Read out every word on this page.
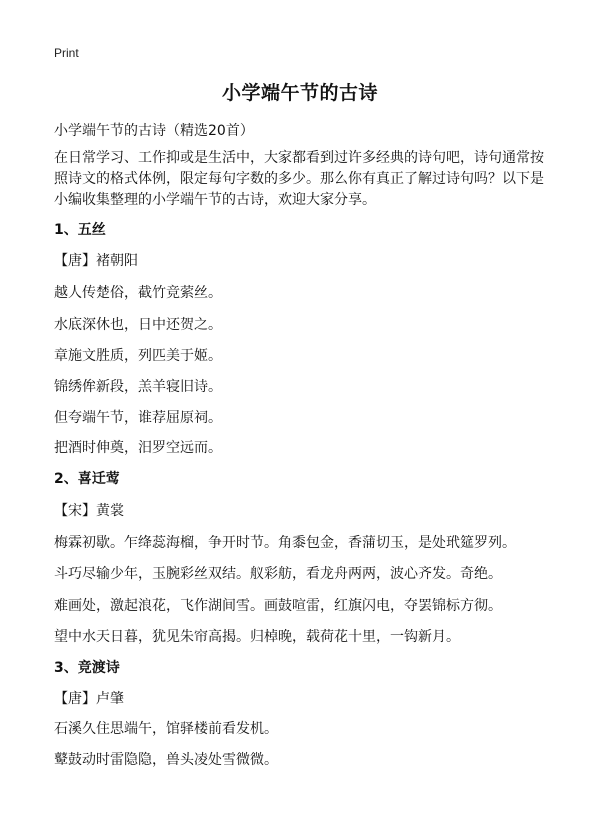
Print
小学端午节的古诗
小学端午节的古诗（精选20首）
在日常学习、工作抑或是生活中，大家都看到过许多经典的诗句吧，诗句通常按照诗文的格式体例，限定每句字数的多少。那么你有真正了解过诗句吗？以下是小编收集整理的小学端午节的古诗，欢迎大家分享。
1、五丝
【唐】褚朝阳
越人传楚俗，截竹竞萦丝。
水底深休也，日中还贺之。
章施文胜质，列匹美于姬。
锦绣侔新段，羔羊寝旧诗。
但夸端午节，谁荐屈原祠。
把酒时伸奠，汨罗空远而。
2、喜迁莺
【宋】黄裳
梅霖初歇。乍绛蕊海榴，争开时节。角黍包金，香蒲切玉，是处玳筵罗列。
斗巧尽输少年，玉腕彩丝双结。舣彩舫，看龙舟两两，波心齐发。奇绝。
难画处，激起浪花，飞作湖间雪。画鼓喧雷，红旗闪电，夺罢锦标方彻。
望中水天日暮，犹见朱帘高揭。归棹晚，载荷花十里，一钩新月。
3、竞渡诗
【唐】卢肇
石溪久住思端午，馆驿楼前看发机。
鼙鼓动时雷隐隐，兽头凌处雪微微。
